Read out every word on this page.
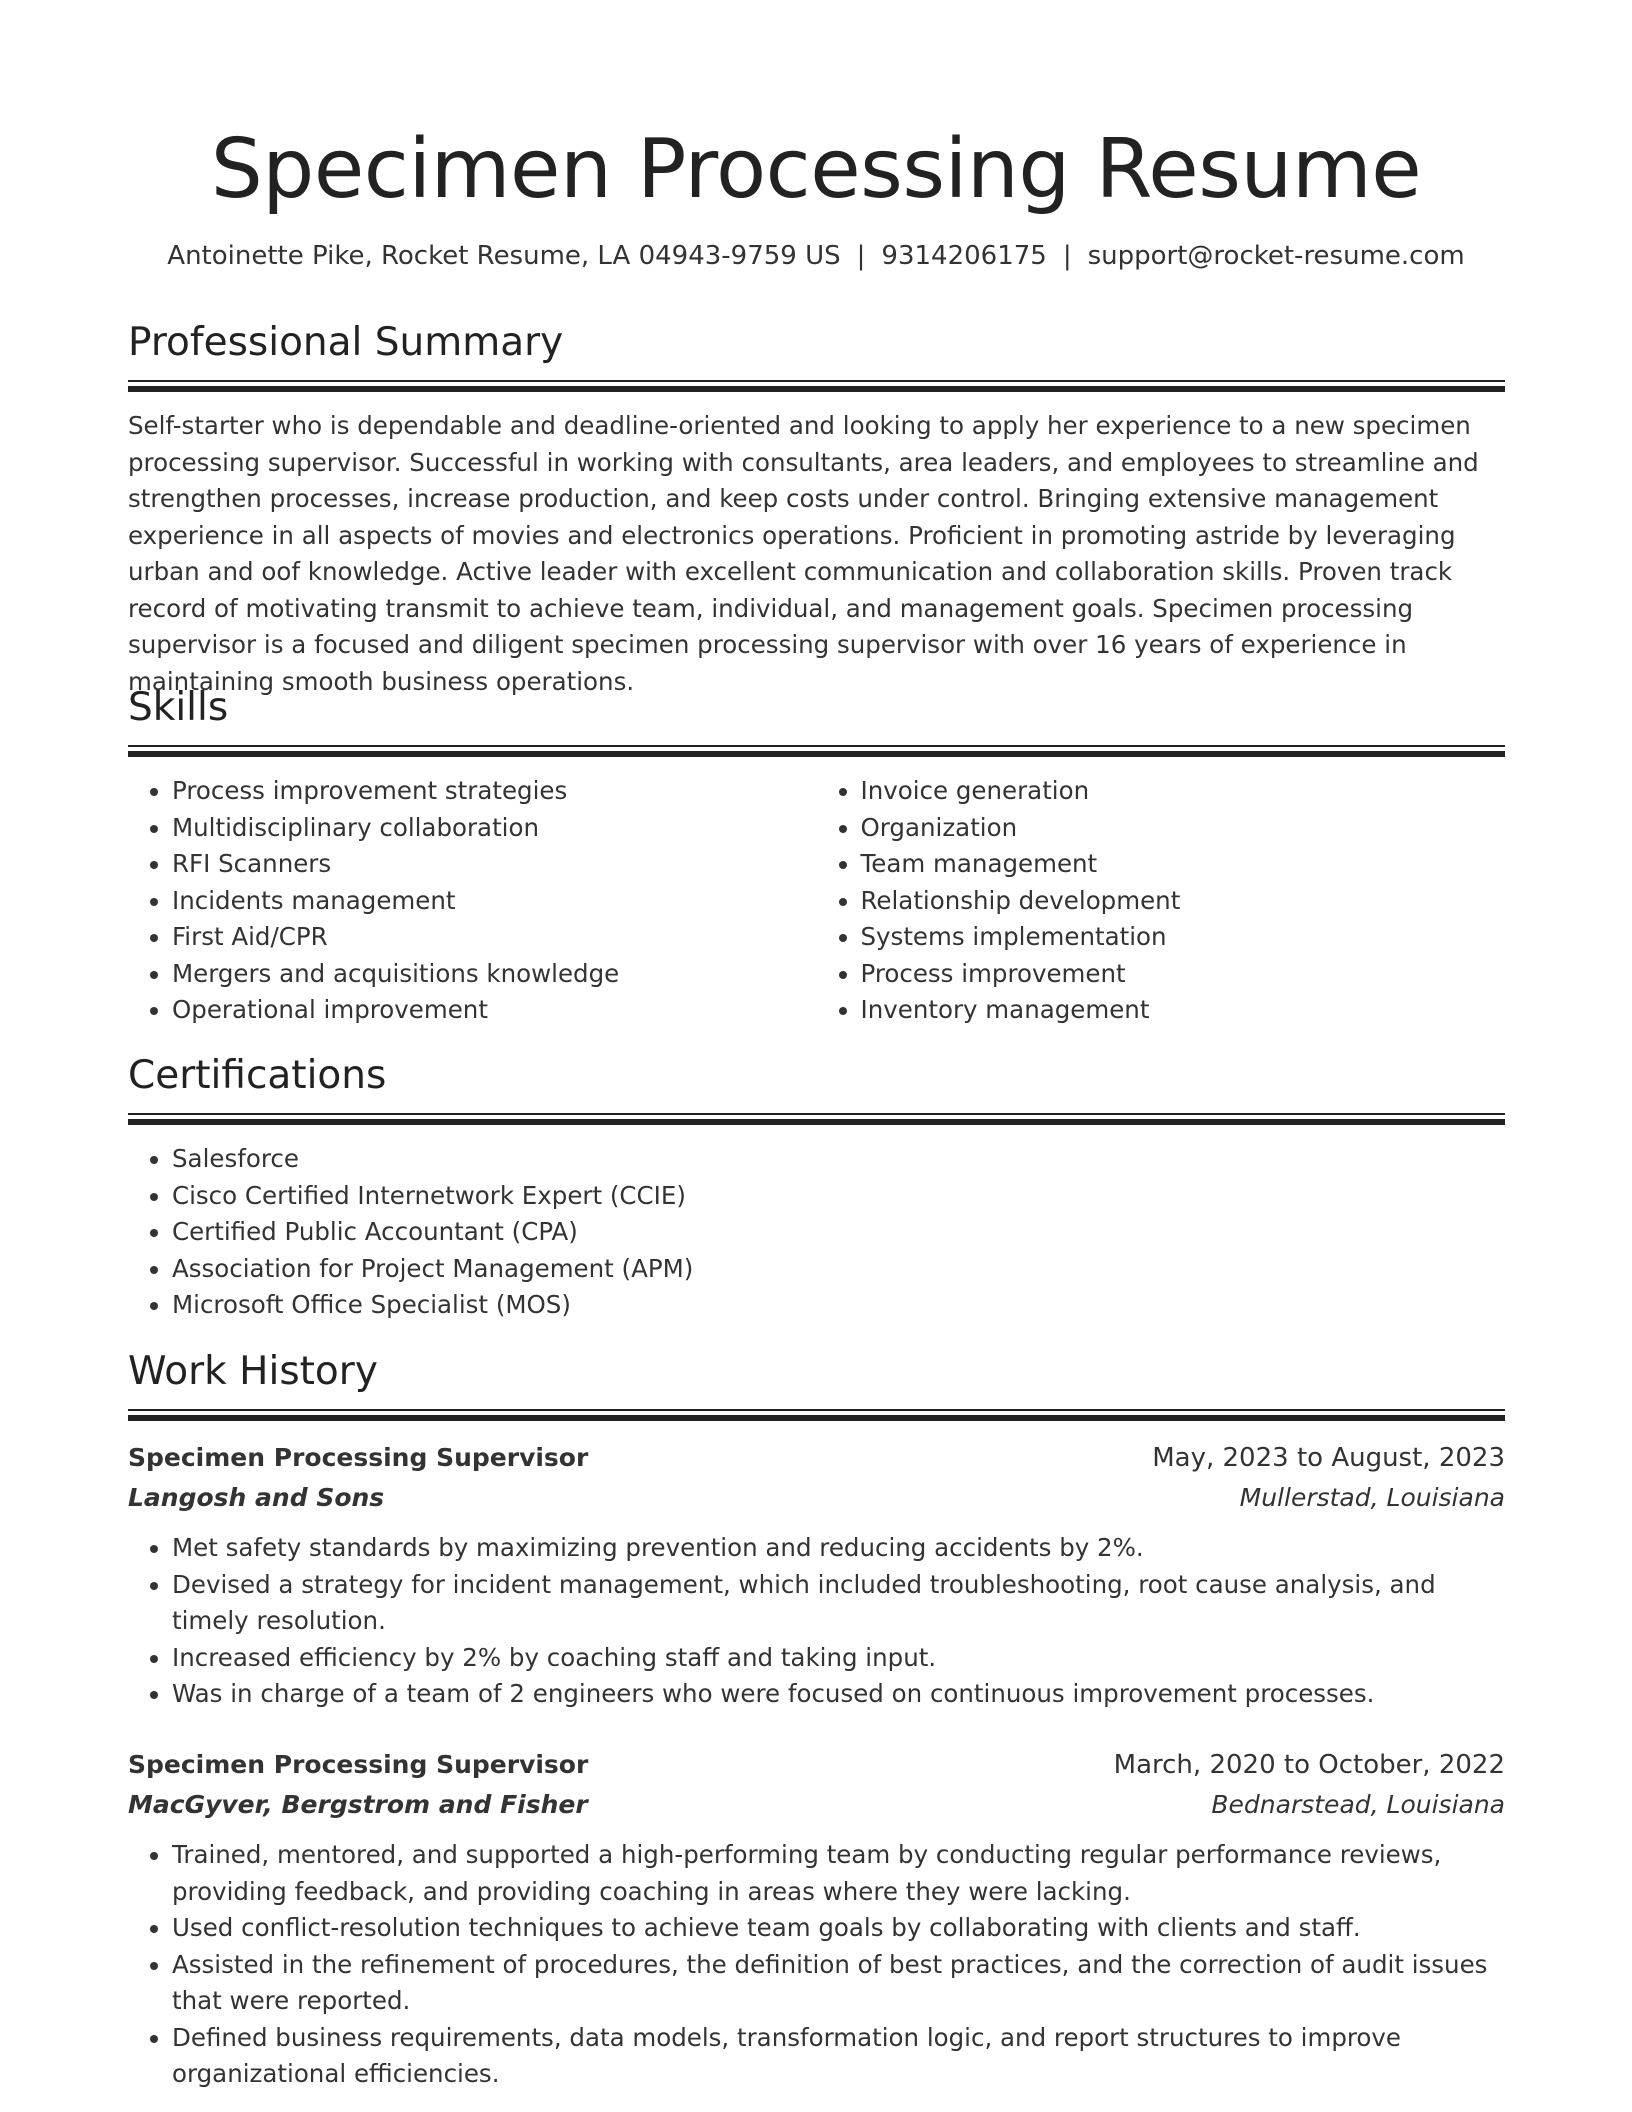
Specimen Processing Resume
Antoinette Pike, Rocket Resume, LA 04943-9759 US | 9314206175 | support@rocket-resume.com
Professional Summary

Self-starter who is dependable and deadline-oriented and looking to apply her experience to a new specimen processing supervisor. Successful in working with consultants, area leaders, and employees to streamline and strengthen processes, increase production, and keep costs under control. Bringing extensive management experience in all aspects of movies and electronics operations. Proficient in promoting astride by leveraging urban and oof knowledge. Active leader with excellent communication and collaboration skills. Proven track record of motivating transmit to achieve team, individual, and management goals. Specimen processing supervisor is a focused and diligent specimen processing supervisor with over 16 years of experience in maintaining smooth business operations.

Skills
• Process improvement strategies
• Multidisciplinary collaboration
• RFI Scanners
• Incidents management
• First Aid/CPR
• Mergers and acquisitions knowledge
• Operational improvement
• Invoice generation
• Organization
• Team management
• Relationship development
• Systems implementation
• Process improvement
• Inventory management
Certifications
• Salesforce
• Cisco Certified Internetwork Expert (CCIE)
• Certified Public Accountant (CPA)
• Association for Project Management (APM)
• Microsoft Office Specialist (MOS)
Work History
Specimen Processing Supervisor	May, 2023 to August, 2023
Langosh and Sons	Mullerstad, Louisiana
• Met safety standards by maximizing prevention and reducing accidents by 2%.
• Devised a strategy for incident management, which included troubleshooting, root cause analysis, and timely resolution.
• Increased efficiency by 2% by coaching staff and taking input.
• Was in charge of a team of 2 engineers who were focused on continuous improvement processes.
Specimen Processing Supervisor	March, 2020 to October, 2022
MacGyver, Bergstrom and Fisher	Bednarstead, Louisiana
• Trained, mentored, and supported a high-performing team by conducting regular performance reviews, providing feedback, and providing coaching in areas where they were lacking.
• Used conflict-resolution techniques to achieve team goals by collaborating with clients and staff.
• Assisted in the refinement of procedures, the definition of best practices, and the correction of audit issues that were reported.
• Defined business requirements, data models, transformation logic, and report structures to improve organizational efficiencies.
